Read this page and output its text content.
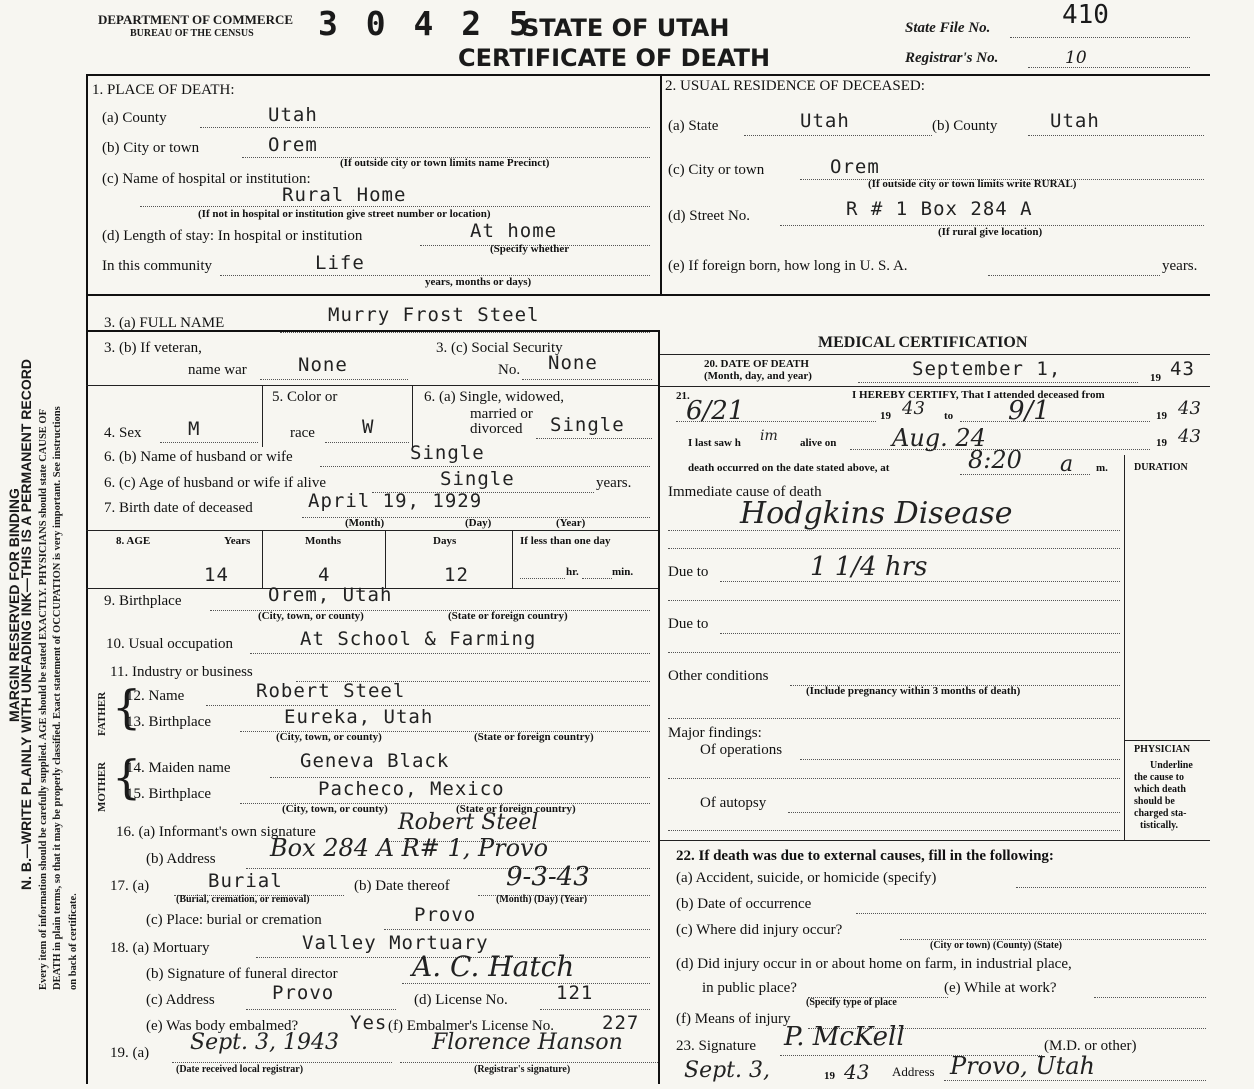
MARGIN RESERVED FOR BINDING
N. B.—WRITE PLAINLY WITH UNFADING INK—THIS IS A PERMANENT RECORD Every item of information should be carefully supplied. AGE should be stated EXACTLY. PHYSICIANS should state CAUSE OF DEATH in plain terms, so that it may be properly classified. Exact statement of OCCUPATION is very important. See instructions on back of certificate.
DEPARTMENT OF COMMERCE
BUREAU OF THE CENSUS 3 0 4 2 5
STATE OF UTAH
CERTIFICATE OF DEATH
State File No.	410
Registrar's No.	10
1. PLACE OF DEATH:
(a) County	Utah
(b) City or town	Orem
(If outside city or town limits name Precinct)
(c) Name of hospital or institution:
Rural Home
(If not in hospital or institution give street number or location)
(d) Length of stay: In hospital or institution	At home
(Specify whether
In this community	Life
years, months or days)
2. USUAL RESIDENCE OF DECEASED:
(a) State	Utah	(b) County	Utah
(c) City or town	Orem
(If outside city or town limits write RURAL)
(d) Street No.	R # 1 Box 284 A
(If rural give location)
(e) If foreign born, how long in U. S. A.	years.
3. (a) FULL NAME	Murry Frost Steel
3. (b) If veteran,
name war	None
3. (c) Social Security
No. None
4. Sex M
5. Color or
race W
6. (a) Single, widowed,
married or
divorced Single
6. (b) Name of husband or wife	Single
6. (c) Age of husband or wife if alive	Single	years.
7. Birth date of deceased	April 19, 1929
(Month)	(Day)	(Year)
8. AGE	Years	Months	Days	If less than one day
14	4	12	hr.	min.
9. Birthplace	Orem, Utah
(City, town, or county)	(State or foreign country)
10. Usual occupation	At School & Farming
11. Industry or business
FATHER
MOTHER
{
{
12. Name	Robert Steel
13. Birthplace	Eureka, Utah
(City, town, or county)	(State or foreign country)
14. Maiden name	Geneva Black
15. Birthplace	Pacheco, Mexico
(City, town, or county)	(State or foreign country)
16. (a) Informant's own signature	Robert Steel
(b) Address Box 284 A R# 1, Provo
17. (a)	Burial
(Burial, cremation, or removal)
(b) Date thereof 9-3-43
(Month) (Day) (Year)
(c) Place: burial or cremation	Provo
18. (a) Mortuary	Valley Mortuary
(b) Signature of funeral director	A. C. Hatch
(c) Address	Provo	(d) License No.	121
(e) Was body embalmed?	Yes (f) Embalmer's License No.	227
19. (a) Sept. 3, 1943	Florence Hanson
(Date received local registrar)	(Registrar's signature)
MEDICAL CERTIFICATION
20. DATE OF DEATH
(Month, day, and year)	September 1,	19 43
21.	I HEREBY CERTIFY, That I attended deceased from
6/21	19 43 to 9/1	19 43
I last saw h im alive on Aug. 24	19 43
death occurred on the date stated above, at	8:20 a m.	DURATION
Immediate cause of death
Hodgkins Disease
Due to	1 1/4 hrs
Due to
Other conditions
(Include pregnancy within 3 months of death)
Major findings:
Of operations
Of autopsy
PHYSICIAN
Underline
the cause to
which death
should be
charged sta-
tistically.
22. If death was due to external causes, fill in the following:
(a) Accident, suicide, or homicide (specify)
(b) Date of occurrence
(c) Where did injury occur?
(City or town) (County) (State)
(d) Did injury occur in or about home on farm, in industrial place,
in public place?
(Specify type of place
(e) While at work?
(f) Means of injury
23. Signature P. McKell	(M.D. or other)
Sept. 3,	19 43 Address Provo, Utah
